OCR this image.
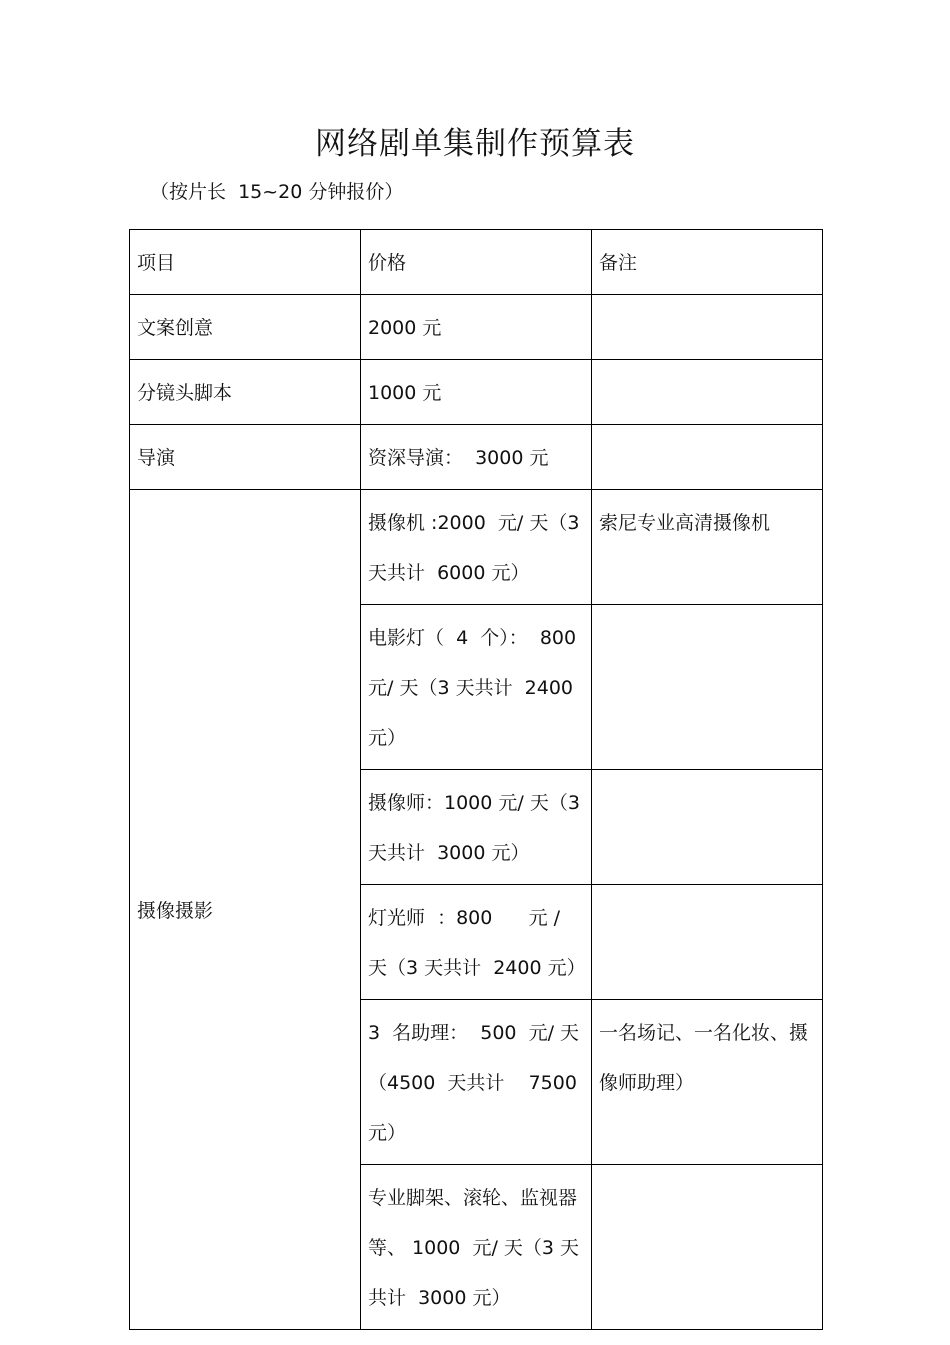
网络剧单集制作预算表
（按片长  15~20 分钟报价）
项目	价格	备注
文案创意	2000 元	
分镜头脚本	1000 元	
导演	资深导演：  3000 元	
摄像摄影	摄像机 :2000  元/ 天（3 天共计  6000 元）	索尼专业高清摄像机
	电影灯（  4  个）：  800 元/ 天（3 天共计  2400 元）	
	摄像师：1000 元/ 天（3 天共计  3000 元）	
	灯光师  ：800      元 / 天（3 天共计  2400 元）	
	3  名助理：  500  元/ 天（4500  天共计    7500 元）	一名场记、一名化妆、摄像师助理）
	专业脚架、滚轮、监视器等、 1000  元/ 天（3 天共计  3000 元）	
